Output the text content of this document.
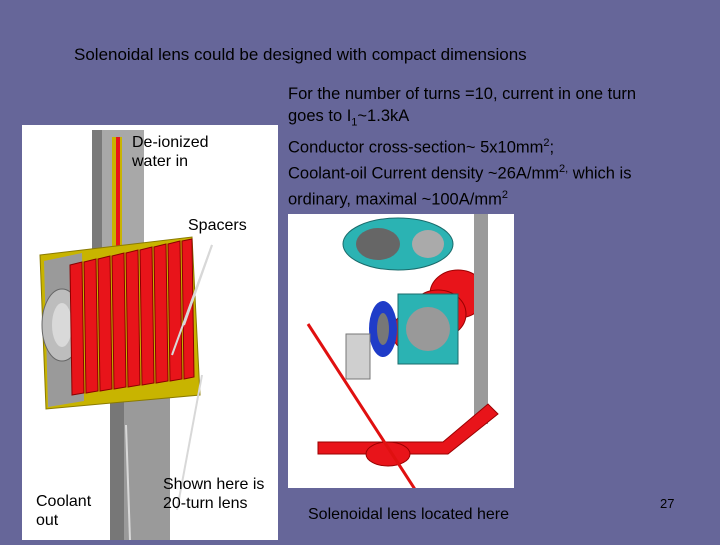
Solenoidal lens could be designed with compact dimensions
For the number of turns =10, current in one turn
goes to $I_1\sim 1.3kA$
Conductor cross-section~ $5x10mm^2$;
Coolant-oil Current density $\sim 26A/mm^{2,}$ which is
ordinary, maximal $\sim 100A/mm^2$
De-ionized
water in
Spacers
Coolant
out
Shown here is
20-turn lens
Solenoidal lens located here
27
